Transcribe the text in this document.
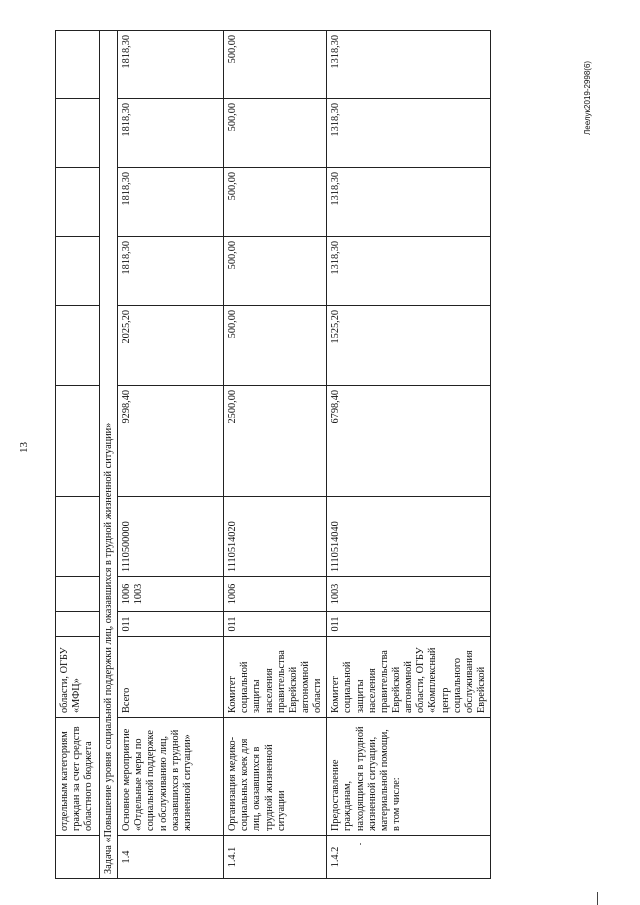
13
Леелук2019-2998(6)
	отдельным категориям граждан за счет средств областного бюджета	области, ОГБУ «МФЦ»									
Задача «Повышение уровня социальной поддержки лиц, оказавшихся в трудной жизненной ситуации»											
1.4	Основное мероприятие «Отдельные меры по социальной поддержке и обслуживанию лиц, оказавшихся в трудной жизненной ситуации»	Всего	011	1006 1003	1110500000	9298,40	2025,20	1818,30	1818,30	1818,30	1818,30
1.4.1	Организация медико-социальных коек для лиц, оказавшихся в трудной жизненной ситуации	Комитет социальной защиты населения правительства Еврейской автономной области	011	1006	1110514020	2500,00	500,00	500,00	500,00	500,00	500,00
1.4.2	Предоставление гражданам, находящимся в трудной жизненной ситуации, материальной помощи, в том числе:	Комитет социальной защиты населения правительства Еврейской автономной области, ОГБУ «Комплексный центр социального обслуживания Еврейской	011	1003	1110514040	6798,40	1525,20	1318,30	1318,30	1318,30	1318,30
